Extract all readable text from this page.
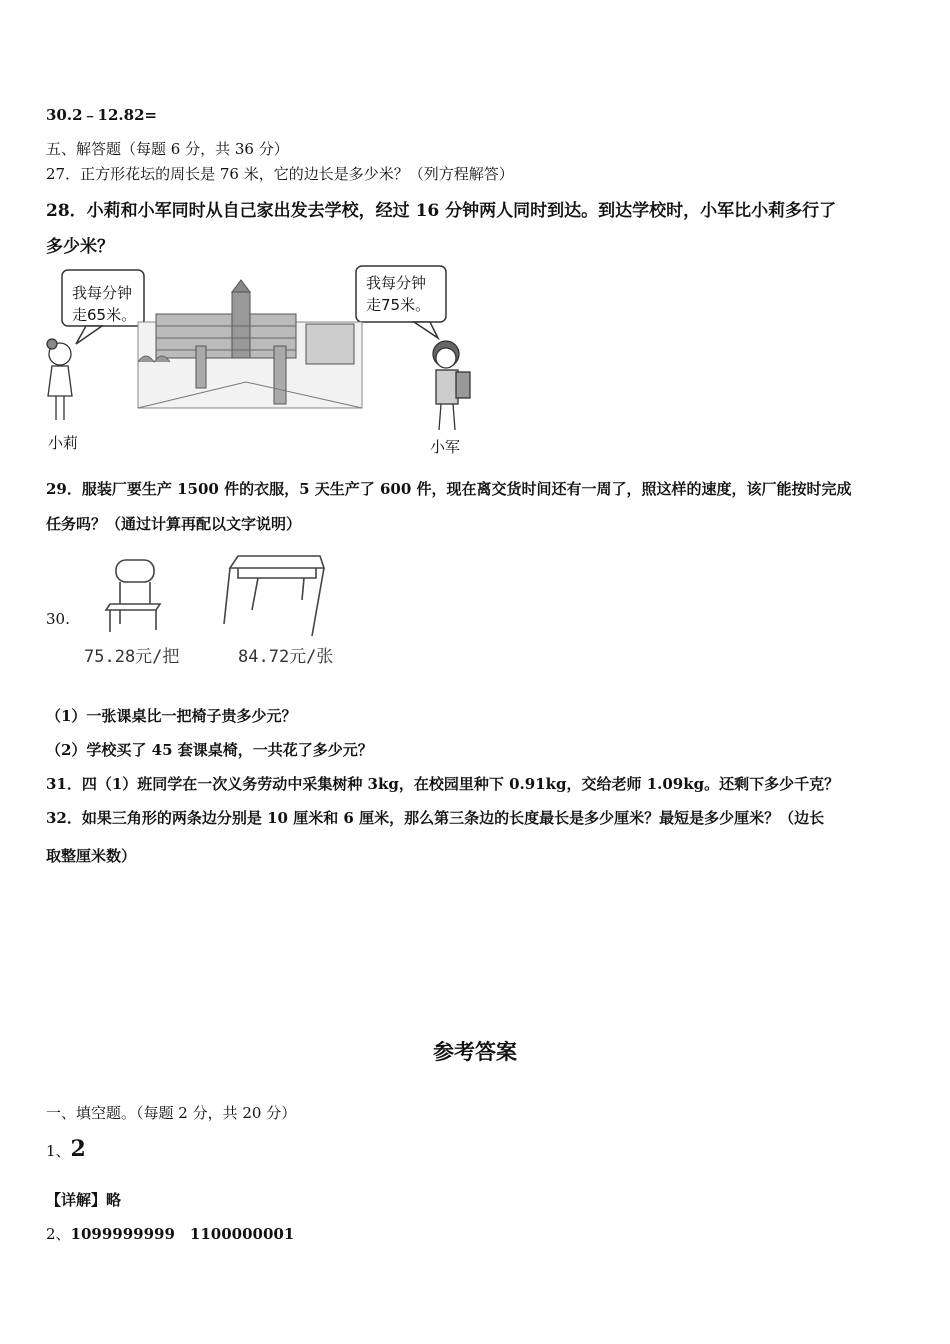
30.2﹣12.82=
五、解答题（每题 6 分，共 36 分）
27．正方形花坛的周长是 76 米，它的边长是多少米？（列方程解答）
28．小莉和小军同时从自己家出发去学校，经过 16 分钟两人同时到达。到达学校时，小军比小莉多行了
多少米？
我每分钟
走65米。
我每分钟
走75米。
小莉	小军
29．服装厂要生产 1500 件的衣服，5 天生产了 600 件，现在离交货时间还有一周了，照这样的速度，该厂能按时完成
任务吗？（通过计算再配以文字说明）
30.
75.28元/把	84.72元/张
（1）一张课桌比一把椅子贵多少元？
（2）学校买了 45 套课桌椅，一共花了多少元？
31．四（1）班同学在一次义务劳动中采集树种 3kg，在校园里种下 0.91kg，交给老师 1.09kg。还剩下多少千克？
32．如果三角形的两条边分别是 10 厘米和 6 厘米，那么第三条边的长度最长是多少厘米？最短是多少厘米？（边长
取整厘米数）
参考答案
一、填空题。（每题 2 分，共 20 分）
1、2
【详解】略
2、1099999999　1100000001
